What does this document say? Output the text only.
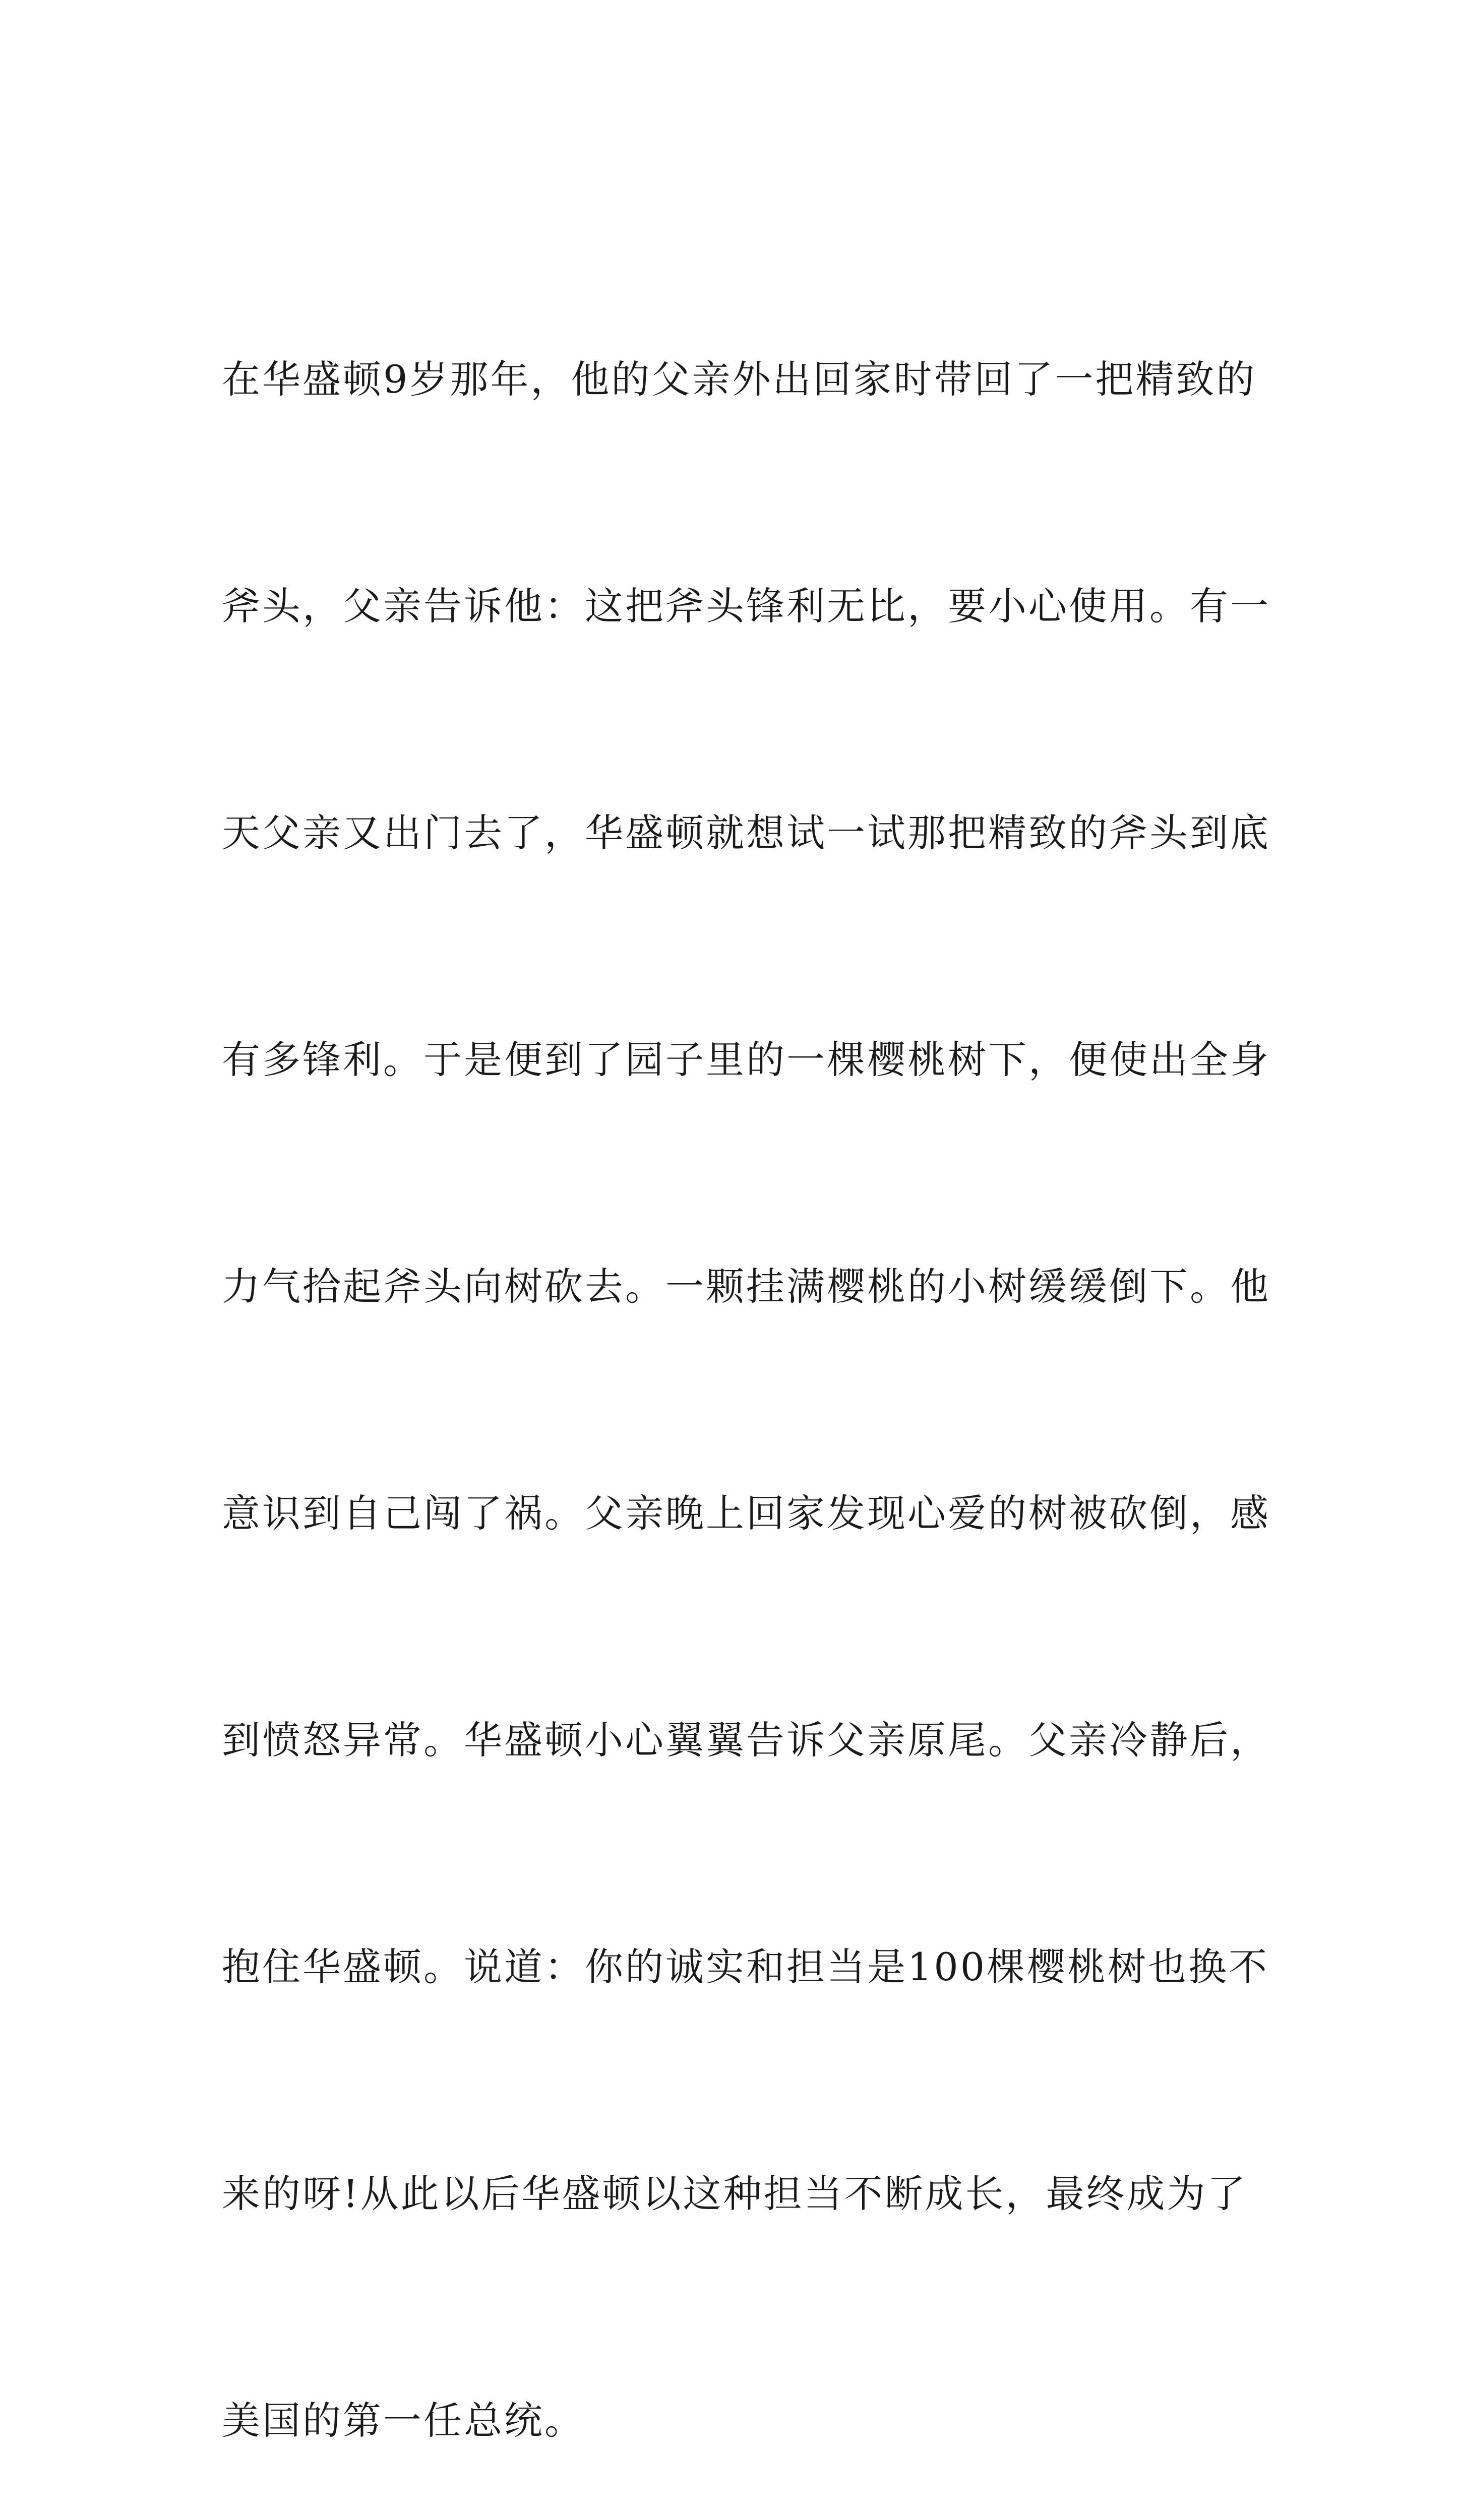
在华盛顿9岁那年，他的父亲外出回家时带回了一把精致的

斧头，父亲告诉他：这把斧头锋利无比，要小心使用。有一

天父亲又出门去了，华盛顿就想试一试那把精致的斧头到底

有多锋利。于是便到了园子里的一棵樱桃树下，便使出全身

力气拾起斧头向树砍去。一颗挂满樱桃的小树缓缓倒下。他

意识到自己闯了祸。父亲晚上回家发现心爱的树被砍倒，感

到愤怒异常。华盛顿小心翼翼告诉父亲原尾。父亲冷静后，

抱住华盛顿。说道：你的诚实和担当是100棵樱桃树也换不

来的呀!从此以后华盛顿以这种担当不断成长，最终成为了

美国的第一任总统。
